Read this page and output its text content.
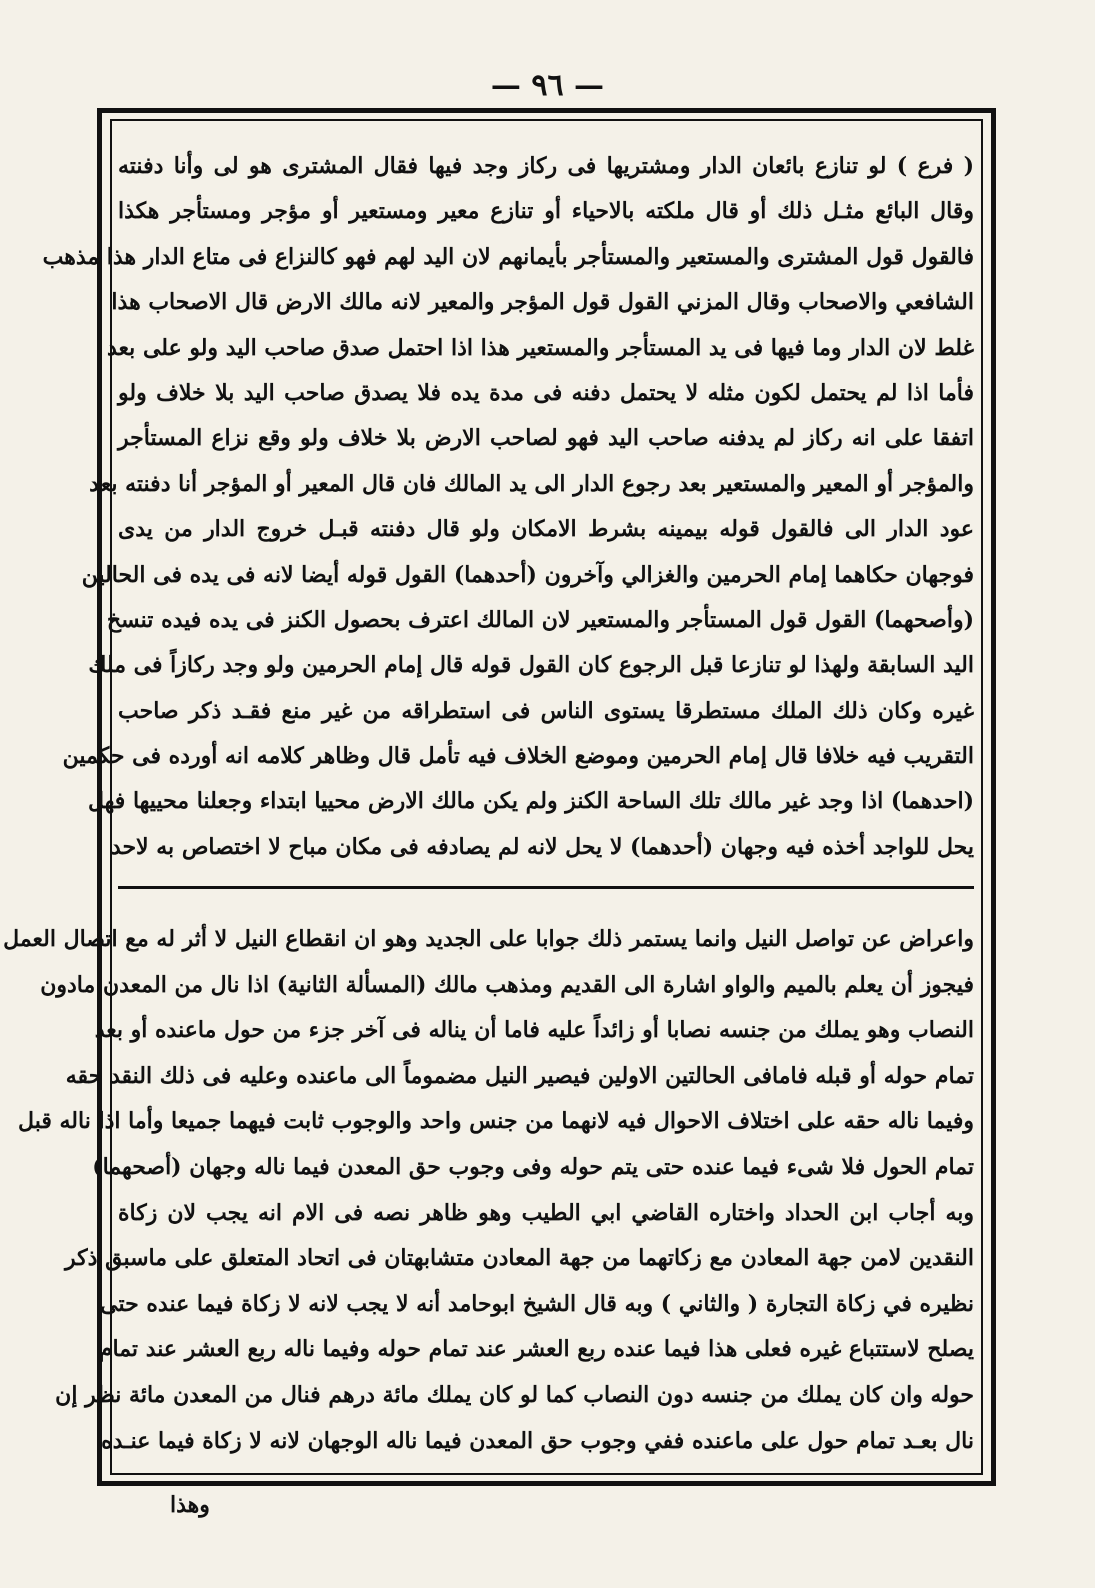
— ٩٦ —
( فرع ) لو تنازع بائعان الدار ومشتريها فى ركاز وجد فيها فقال المشترى هو لى وأنا دفنته
وقال البائع مثـل ذلك أو قال ملكته بالاحياء أو تنازع معير ومستعير أو مؤجر ومستأجر هكذا
فالقول قول المشترى والمستعير والمستأجر بأيمانهم لان اليد لهم فهو كالنزاع فى متاع الدار هذا مذهب
الشافعي والاصحاب وقال المزني القول قول المؤجر والمعير لانه مالك الارض قال الاصحاب هذا
غلط لان الدار وما فيها فى يد المستأجر والمستعير هذا اذا احتمل صدق صاحب اليد ولو على بعد
فأما اذا لم يحتمل لكون مثله لا يحتمل دفنه فى مدة يده فلا يصدق صاحب اليد بلا خلاف ولو
اتفقا على انه ركاز لم يدفنه صاحب اليد فهو لصاحب الارض بلا خلاف ولو وقع نزاع المستأجر
والمؤجر أو المعير والمستعير بعد رجوع الدار الى يد المالك فان قال المعير أو المؤجر أنا دفنته بعد
عود الدار الى فالقول قوله بيمينه بشرط الامكان ولو قال دفنته قبـل خروج الدار من يدى
فوجهان حكاهما إمام الحرمين والغزالي وآخرون (أحدهما) القول قوله أيضا لانه فى يده فى الحالين
(وأصحهما) القول قول المستأجر والمستعير لان المالك اعترف بحصول الكنز فى يده فيده تنسخ
اليد السابقة ولهذا لو تنازعا قبل الرجوع كان القول قوله قال إمام الحرمين ولو وجد ركازاً فى ملك
غيره وكان ذلك الملك مستطرقا يستوى الناس فى استطراقه من غير منع فقـد ذكر صاحب
التقريب فيه خلافا قال إمام الحرمين وموضع الخلاف فيه تأمل قال وظاهر كلامه انه أورده فى حكمين
(احدهما) اذا وجد غير مالك تلك الساحة الكنز ولم يكن مالك الارض محييا ابتداء وجعلنا محييها فهل
يحل للواجد أخذه فيه وجهان (أحدهما) لا يحل لانه لم يصادفه فى مكان مباح لا اختصاص به لاحد
واعراض عن تواصل النيل وانما يستمر ذلك جوابا على الجديد وهو ان انقطاع النيل لا أثر له مع اتصال العمل
فيجوز أن يعلم بالميم والواو اشارة الى القديم ومذهب مالك (المسألة الثانية) اذا نال من المعدن مادون
النصاب وهو يملك من جنسه نصابا أو زائداً عليه فاما أن يناله فى آخر جزء من حول ماعنده أو بعد
تمام حوله أو قبله فامافى الحالتين الاولين فيصير النيل مضموماً الى ماعنده وعليه فى ذلك النقد حقه
وفيما ناله حقه على اختلاف الاحوال فيه لانهما من جنس واحد والوجوب ثابت فيهما جميعا وأما اذا ناله قبل
تمام الحول فلا شىء فيما عنده حتى يتم حوله وفى وجوب حق المعدن فيما ناله وجهان (أصحهما)
وبه أجاب ابن الحداد واختاره القاضي ابي الطيب وهو ظاهر نصه فى الام انه يجب لان زكاة
النقدين لامن جهة المعادن مع زكاتهما من جهة المعادن متشابهتان فى اتحاد المتعلق على ماسبق ذكر
نظيره في زكاة التجارة ( والثاني ) وبه قال الشيخ ابوحامد أنه لا يجب لانه لا زكاة فيما عنده حتى
يصلح لاستتباع غيره فعلى هذا فيما عنده ربع العشر عند تمام حوله وفيما ناله ربع العشر عند تمام
حوله وان كان يملك من جنسه دون النصاب كما لو كان يملك مائة درهم فنال من المعدن مائة نظر إن
نال بعـد تمام حول على ماعنده ففي وجوب حق المعدن فيما ناله الوجهان لانه لا زكاة فيما عنـده
وهذا
